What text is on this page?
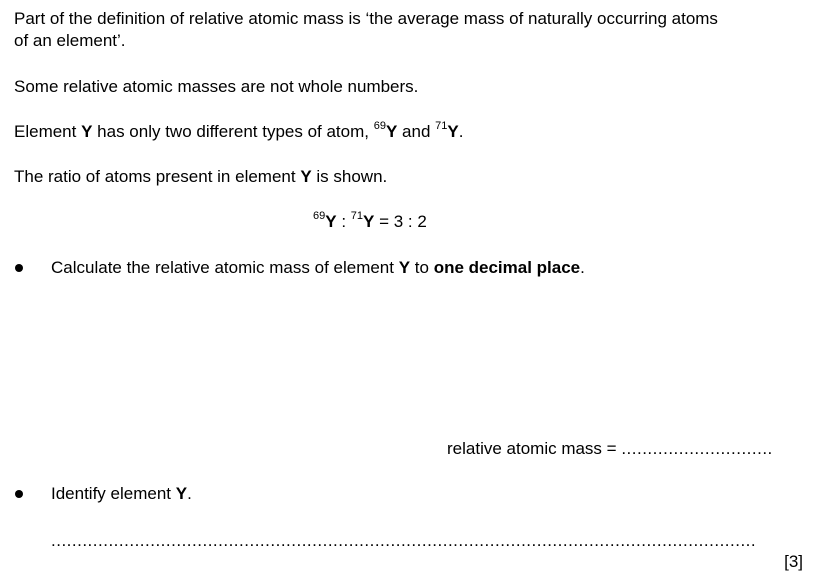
Part of the definition of relative atomic mass is ‘the average mass of naturally occurring atoms
of an element’.
Some relative atomic masses are not whole numbers.
Element Y has only two different types of atom, $^{69}$Y and $^{71}$Y.
The ratio of atoms present in element Y is shown.
$^{69}$Y : $^{71}$Y = 3 : 2
Calculate the relative atomic mass of element Y to one decimal place.
relative atomic mass = .............................
Identify element Y.
.......................................................................................................................................
[3]
